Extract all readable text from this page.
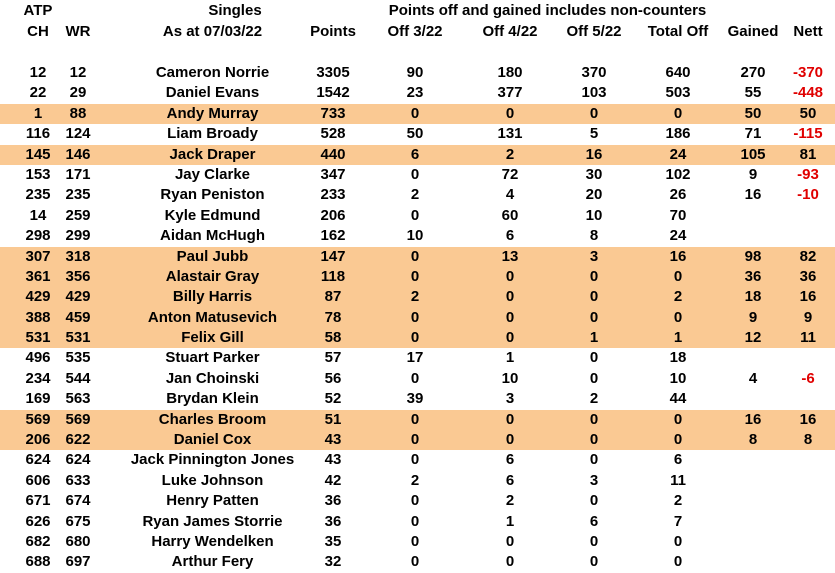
ATP	Singles	Points off and gained includes non-counters
CH	WR	As at 07/03/22	Points	Off 3/22	Off 4/22	Off 5/22	Total Off	Gained Nett
12	12	Cameron Norrie	3305	90	180	370	640	270	-370
22	29	Daniel Evans	1542	23	377	103	503	55	-448
1	88	Andy Murray	733	0	0	0	0	50	50
116	124	Liam Broady	528	50	131	5	186	71	-115
145 146	Jack Draper	440	6	2	16	24	105	81
153 171	Jay Clarke	347	0	72	30	102	9	-93
235 235	Ryan Peniston	233	2	4	20	26	16	-10
14	259	Kyle Edmund	206	0	60	10	70
298 299	Aidan McHugh	162	10	6	8	24
307 318	Paul Jubb	147	0	13	3	16	98	82
361 356	Alastair Gray	118	0	0	0	0	36	36
429 429	Billy Harris	87	2	0	0	2	18	16
388 459	Anton Matusevich	78	0	0	0	0	9	9
531 531	Felix Gill	58	0	0	1	1	12	11
496 535	Stuart Parker	57	17	1	0	18
234 544	Jan Choinski	56	0	10	0	10	4	-6
169 563	Brydan Klein	52	39	3	2	44
569 569	Charles Broom	51	0	0	0	0	16	16
206 622	Daniel Cox	43	0	0	0	0	8	8
624 624	Jack Pinnington Jones	43	0	6	0	6
606 633	Luke Johnson	42	2	6	3	11
671 674	Henry Patten	36	0	2	0	2
626 675	Ryan James Storrie	36	0	1	6	7
682 680	Harry Wendelken	35	0	0	0	0
688 697	Arthur Fery	32	0	0	0	0
